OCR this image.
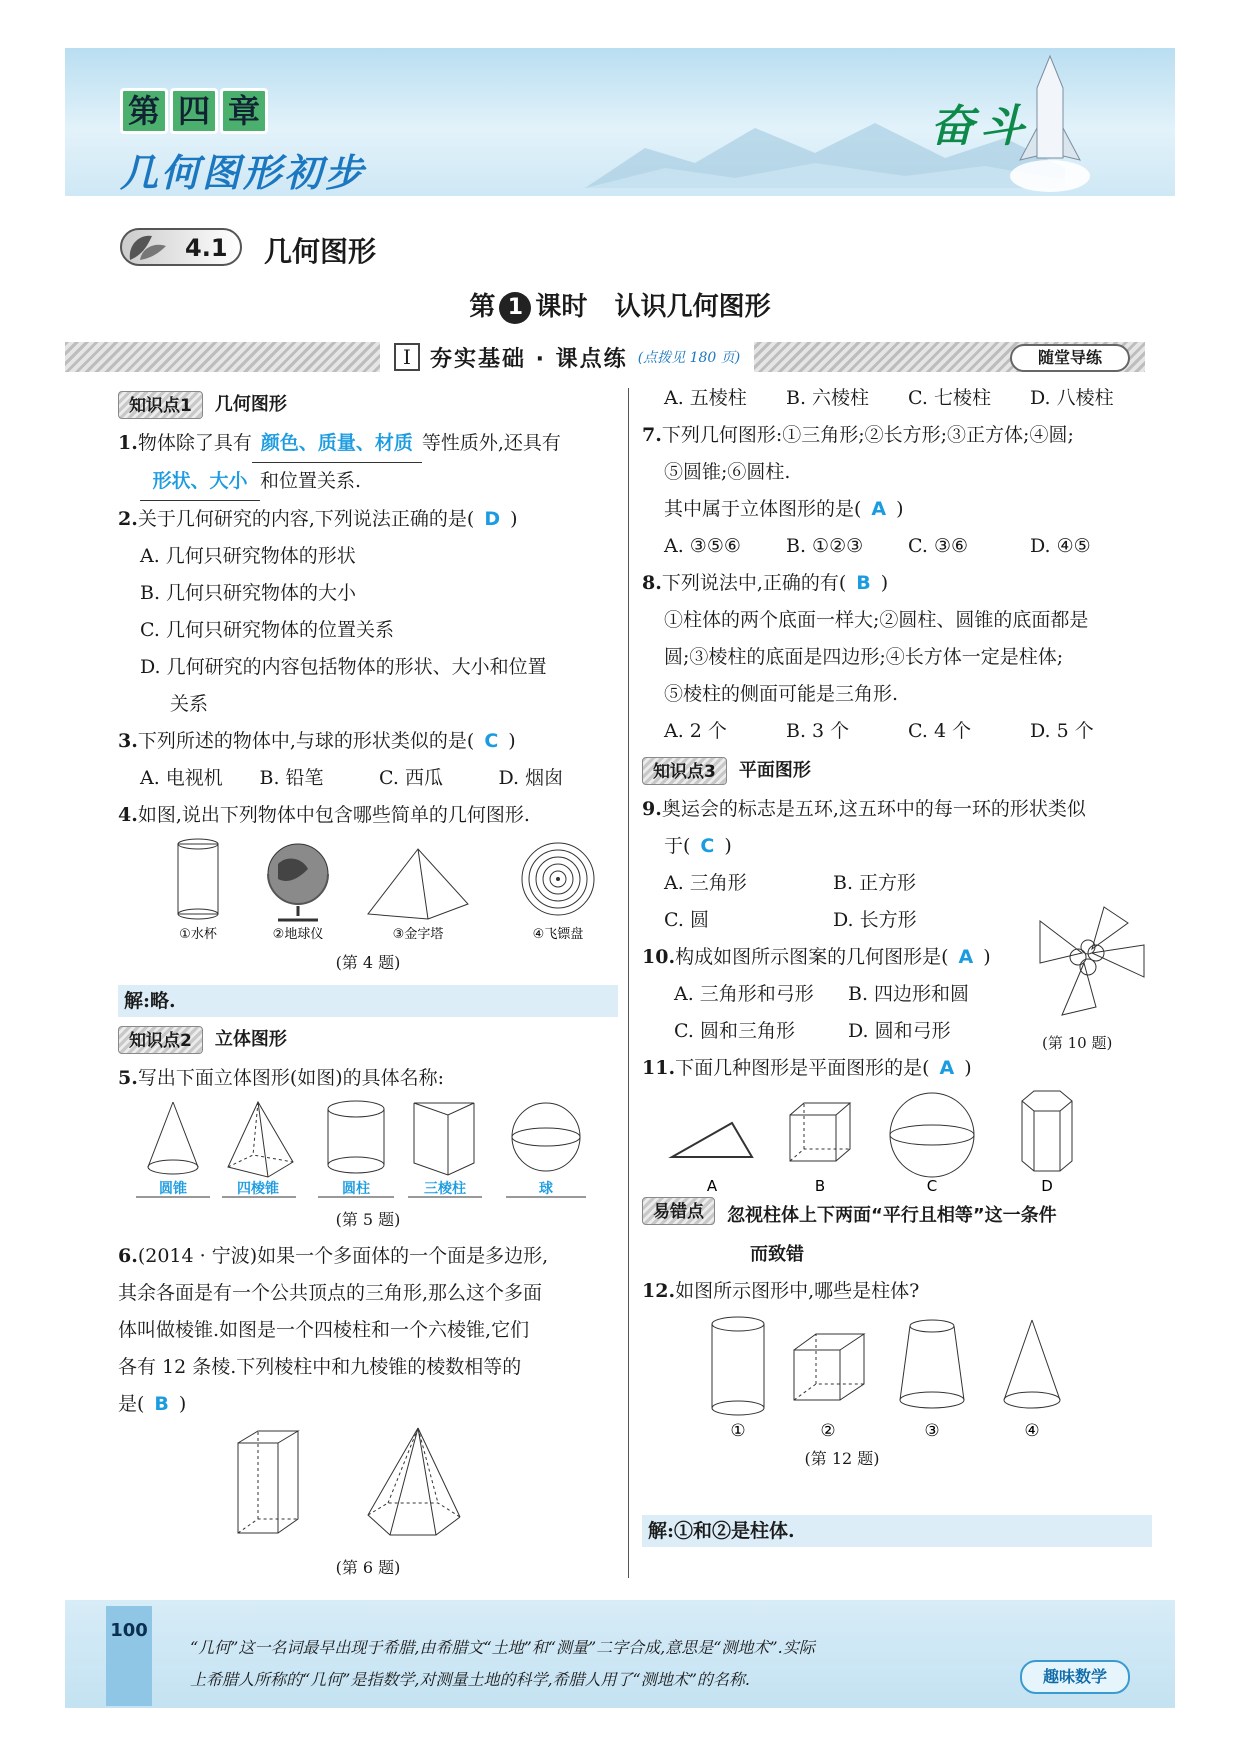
第 四 章
几何图形初步
奋斗
4.1 几何图形
第 1 课时   认识几何图形
I 夯实基础 · 课点练 (点拨见 180 页)	随堂导练
知识点1	几何图形
1.物体除了具有 颜色、质量、材质 等性质外,还具有
形状、大小 和位置关系.
2.关于几何研究的内容,下列说法正确的是( D )
A. 几何只研究物体的形状
B. 几何只研究物体的大小
C. 几何只研究物体的位置关系
D. 几何研究的内容包括物体的形状、大小和位置
关系
3.下列所述的物体中,与球的形状类似的是( C )
A. 电视机	B. 铅笔	C. 西瓜	D. 烟囱
4.如图,说出下列物体中包含哪些简单的几何图形.
①水杯	②地球仪	③金字塔	④飞镖盘
(第 4 题)
解:略.
知识点2	立体图形
5.写出下面立体图形(如图)的具体名称:
圆锥	四棱锥	圆柱	三棱柱	球
(第 5 题)
6.(2014 · 宁波)如果一个多面体的一个面是多边形,
其余各面是有一个公共顶点的三角形,那么这个多面
体叫做棱锥.如图是一个四棱柱和一个六棱锥,它们
各有 12 条棱.下列棱柱中和九棱锥的棱数相等的
是( B )
(第 6 题)
A. 五棱柱	B. 六棱柱	C. 七棱柱	D. 八棱柱
7.下列几何图形:①三角形;②长方形;③正方体;④圆;
⑤圆锥;⑥圆柱.
其中属于立体图形的是( A )
A. ③⑤⑥	B. ①②③	C. ③⑥	D. ④⑤
8.下列说法中,正确的有( B )
①柱体的两个底面一样大;②圆柱、圆锥的底面都是
圆;③棱柱的底面是四边形;④长方体一定是柱体;
⑤棱柱的侧面可能是三角形.
A. 2 个	B. 3 个	C. 4 个	D. 5 个
知识点3	平面图形
9.奥运会的标志是五环,这五环中的每一环的形状类似
于( C )
A. 三角形	B. 正方形
C. 圆	D. 长方形
10.构成如图所示图案的几何图形是( A )
A. 三角形和弓形	B. 四边形和圆
C. 圆和三角形	D. 圆和弓形
(第 10 题)
11.下面几种图形是平面图形的是( A )
A	B	C	D
易错点	忽视柱体上下两面“平行且相等”这一条件
而致错
12.如图所示图形中,哪些是柱体?
①	②	③	④
(第 12 题)
解:①和②是柱体.
100
“几何”这一名词最早出现于希腊,由希腊文“土地”和“测量”二字合成,意思是“测地术”.实际
上希腊人所称的“几何”是指数学,对测量土地的科学,希腊人用了“测地术”的名称.	趣味数学
